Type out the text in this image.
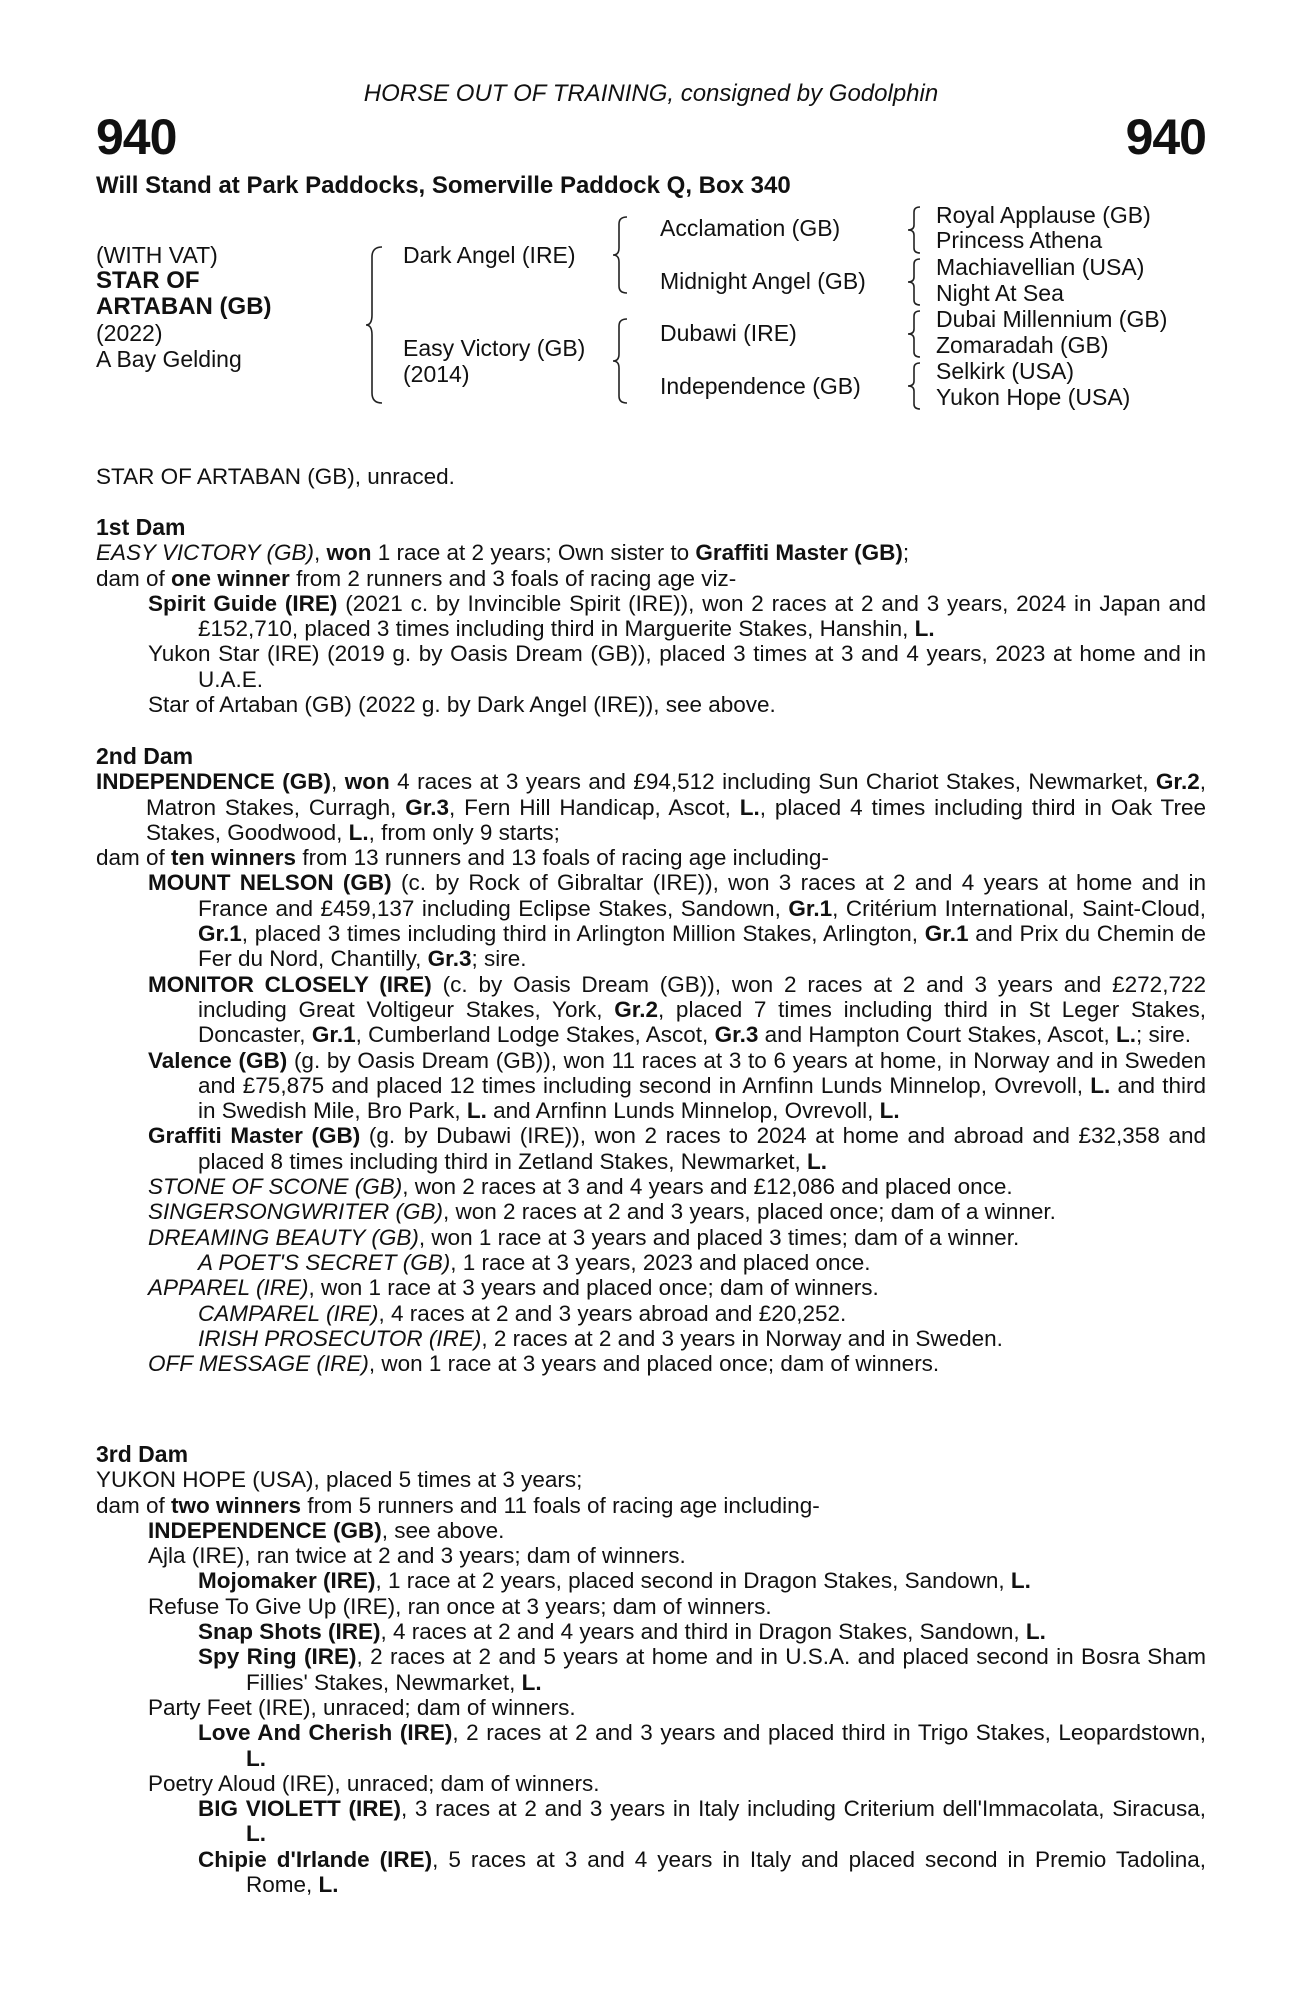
HORSE OUT OF TRAINING, consigned by Godolphin
940	940
Will Stand at Park Paddocks, Somerville Paddock Q, Box 340
(WITH VAT)
STAR OF
ARTABAN (GB)
(2022)
A Bay Gelding
Dark Angel (IRE)
Easy Victory (GB)
(2014)
Acclamation (GB)
Midnight Angel (GB)
Dubawi (IRE)
Independence (GB)
Royal Applause (GB)
Princess Athena
Machiavellian (USA)
Night At Sea
Dubai Millennium (GB)
Zomaradah (GB)
Selkirk (USA)
Yukon Hope (USA)

STAR OF ARTABAN (GB), unraced.

1st Dam

EASY VICTORY (GB), won 1 race at 2 years; Own sister to Graffiti Master (GB);

dam of one winner from 2 runners and 3 foals of racing age viz-

Spirit Guide (IRE) (2021 c. by Invincible Spirit (IRE)), won 2 races at 2 and 3 years, 2024 in Japan and £152,710, placed 3 times including third in Marguerite Stakes, Hanshin, L.

Yukon Star (IRE) (2019 g. by Oasis Dream (GB)), placed 3 times at 3 and 4 years, 2023 at home and in U.A.E.

Star of Artaban (GB) (2022 g. by Dark Angel (IRE)), see above.

2nd Dam

INDEPENDENCE (GB), won 4 races at 3 years and £94,512 including Sun Chariot Stakes, Newmarket, Gr.2, Matron Stakes, Curragh, Gr.3, Fern Hill Handicap, Ascot, L., placed 4 times including third in Oak Tree Stakes, Goodwood, L., from only 9 starts;

dam of ten winners from 13 runners and 13 foals of racing age including-

MOUNT NELSON (GB) (c. by Rock of Gibraltar (IRE)), won 3 races at 2 and 4 years at home and in France and £459,137 including Eclipse Stakes, Sandown, Gr.1, Critérium International, Saint-Cloud, Gr.1, placed 3 times including third in Arlington Million Stakes, Arlington, Gr.1 and Prix du Chemin de Fer du Nord, Chantilly, Gr.3; sire.

MONITOR CLOSELY (IRE) (c. by Oasis Dream (GB)), won 2 races at 2 and 3 years and £272,722 including Great Voltigeur Stakes, York, Gr.2, placed 7 times including third in St Leger Stakes, Doncaster, Gr.1, Cumberland Lodge Stakes, Ascot, Gr.3 and Hampton Court Stakes, Ascot, L.; sire.

Valence (GB) (g. by Oasis Dream (GB)), won 11 races at 3 to 6 years at home, in Norway and in Sweden and £75,875 and placed 12 times including second in Arnfinn Lunds Minnelop, Ovrevoll, L. and third in Swedish Mile, Bro Park, L. and Arnfinn Lunds Minnelop, Ovrevoll, L.

Graffiti Master (GB) (g. by Dubawi (IRE)), won 2 races to 2024 at home and abroad and £32,358 and placed 8 times including third in Zetland Stakes, Newmarket, L.

STONE OF SCONE (GB), won 2 races at 3 and 4 years and £12,086 and placed once.

SINGERSONGWRITER (GB), won 2 races at 2 and 3 years, placed once; dam of a winner.

DREAMING BEAUTY (GB), won 1 race at 3 years and placed 3 times; dam of a winner.

A POET'S SECRET (GB), 1 race at 3 years, 2023 and placed once.

APPAREL (IRE), won 1 race at 3 years and placed once; dam of winners.

CAMPAREL (IRE), 4 races at 2 and 3 years abroad and £20,252.

IRISH PROSECUTOR (IRE), 2 races at 2 and 3 years in Norway and in Sweden.

OFF MESSAGE (IRE), won 1 race at 3 years and placed once; dam of winners.

3rd Dam

YUKON HOPE (USA), placed 5 times at 3 years;

dam of two winners from 5 runners and 11 foals of racing age including-

INDEPENDENCE (GB), see above.

Ajla (IRE), ran twice at 2 and 3 years; dam of winners.

Mojomaker (IRE), 1 race at 2 years, placed second in Dragon Stakes, Sandown, L.

Refuse To Give Up (IRE), ran once at 3 years; dam of winners.

Snap Shots (IRE), 4 races at 2 and 4 years and third in Dragon Stakes, Sandown, L.

Spy Ring (IRE), 2 races at 2 and 5 years at home and in U.S.A. and placed second in Bosra Sham Fillies' Stakes, Newmarket, L.

Party Feet (IRE), unraced; dam of winners.

Love And Cherish (IRE), 2 races at 2 and 3 years and placed third in Trigo Stakes, Leopardstown, L.

Poetry Aloud (IRE), unraced; dam of winners.

BIG VIOLETT (IRE), 3 races at 2 and 3 years in Italy including Criterium dell'Immacolata, Siracusa, L.

Chipie d'Irlande (IRE), 5 races at 3 and 4 years in Italy and placed second in Premio Tadolina, Rome, L.
